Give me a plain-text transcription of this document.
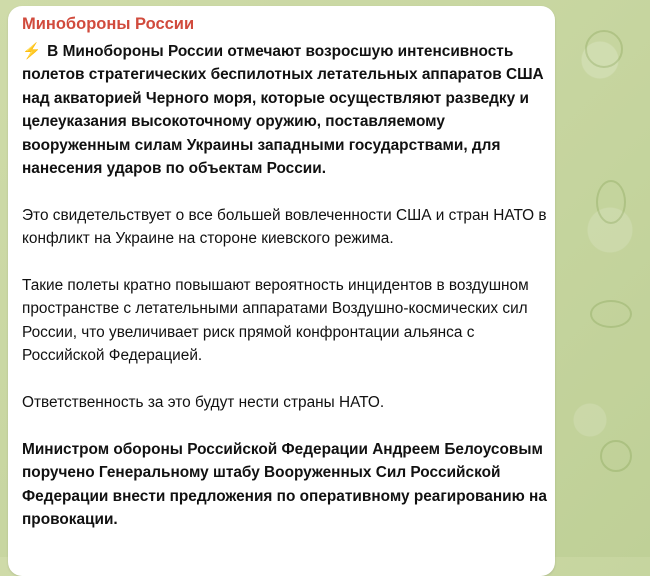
Минобороны России

⚡ В Минобороны России отмечают возросшую интенсивность полетов стратегических беспилотных летательных аппаратов США над акваторией Черного моря, которые осуществляют разведку и целеуказания высокоточному оружию, поставляемому вооруженным силам Украины западными государствами, для нанесения ударов по объектам России.

Это свидетельствует о все большей вовлеченности США и стран НАТО в конфликт на Украине на стороне киевского режима.

Такие полеты кратно повышают вероятность инцидентов в воздушном пространстве с летательными аппаратами Воздушно-космических сил России, что увеличивает риск прямой конфронтации альянса с Российской Федерацией.

Ответственность за это будут нести страны НАТО.

Министром обороны Российской Федерации Андреем Белоусовым поручено Генеральному штабу Вооруженных Сил Российской Федерации внести предложения по оперативному реагированию на провокации.
